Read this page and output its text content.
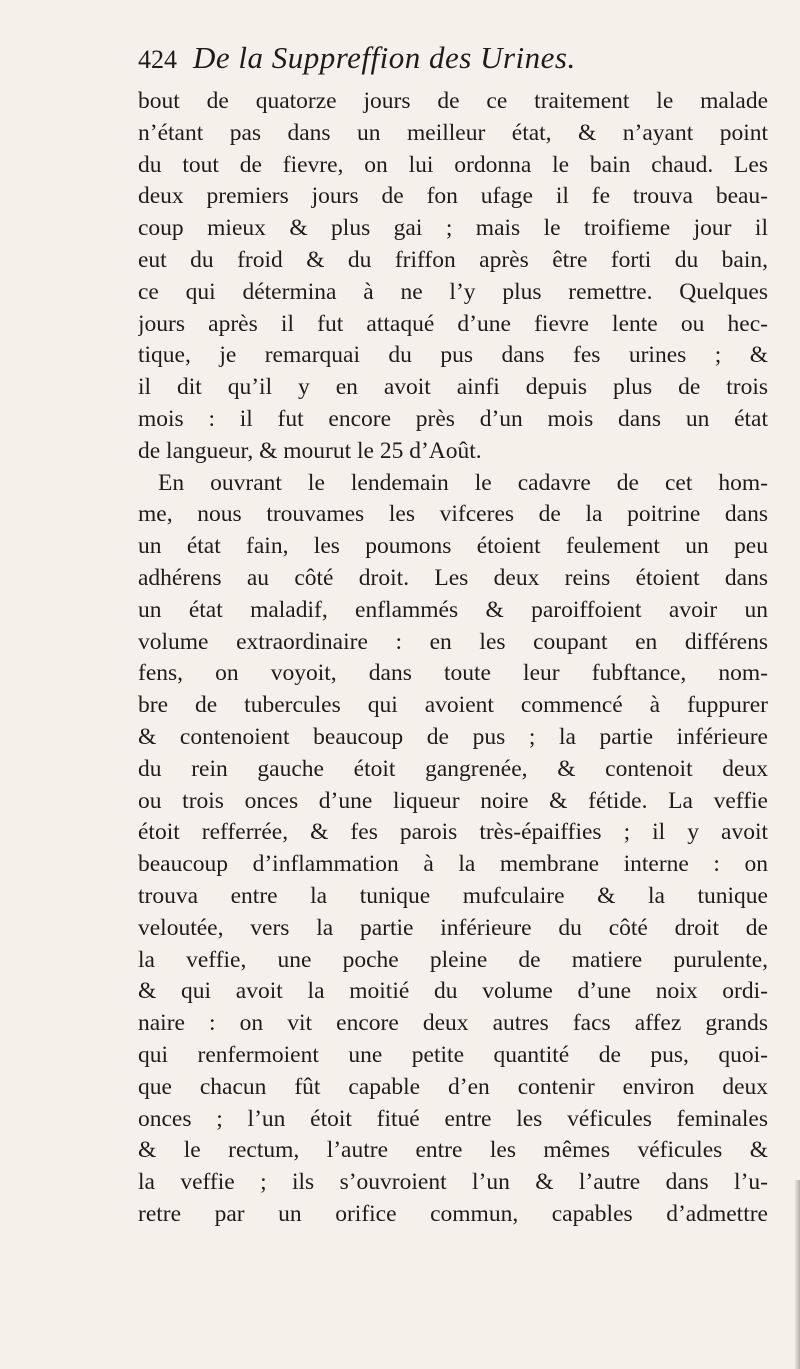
424 De la Suppreffion des Urines.
bout de quatorze jours de ce traitement le malade
n’étant pas dans un meilleur état, & n’ayant point
du tout de fievre, on lui ordonna le bain chaud. Les
deux premiers jours de fon ufage il fe trouva beau-
coup mieux & plus gai ; mais le troifieme jour il
eut du froid & du friffon après être forti du bain,
ce qui détermina à ne l’y plus remettre. Quelques
jours après il fut attaqué d’une fievre lente ou hec-
tique, je remarquai du pus dans fes urines ; &
il dit qu’il y en avoit ainfi depuis plus de trois
mois : il fut encore près d’un mois dans un état
de langueur, & mourut le 25 d’Août.
En ouvrant le lendemain le cadavre de cet hom-
me, nous trouvames les vifceres de la poitrine dans
un état fain, les poumons étoient feulement un peu
adhérens au côté droit. Les deux reins étoient dans
un état maladif, enflammés & paroiffoient avoir un
volume extraordinaire : en les coupant en différens
fens, on voyoit, dans toute leur fubftance, nom-
bre de tubercules qui avoient commencé à fuppurer
& contenoient beaucoup de pus ; la partie inférieure
du rein gauche étoit gangrenée, & contenoit deux
ou trois onces d’une liqueur noire & fétide. La veffie
étoit refferrée, & fes parois très-épaiffies ; il y avoit
beaucoup d’inflammation à la membrane interne : on
trouva entre la tunique mufculaire & la tunique
veloutée, vers la partie inférieure du côté droit de
la veffie, une poche pleine de matiere purulente,
& qui avoit la moitié du volume d’une noix ordi-
naire : on vit encore deux autres facs affez grands
qui renfermoient une petite quantité de pus, quoi-
que chacun fût capable d’en contenir environ deux
onces ; l’un étoit fitué entre les véficules feminales
& le rectum, l’autre entre les mêmes véficules &
la veffie ; ils s’ouvroient l’un & l’autre dans l’u-
retre par un orifice commun, capables d’admettre
